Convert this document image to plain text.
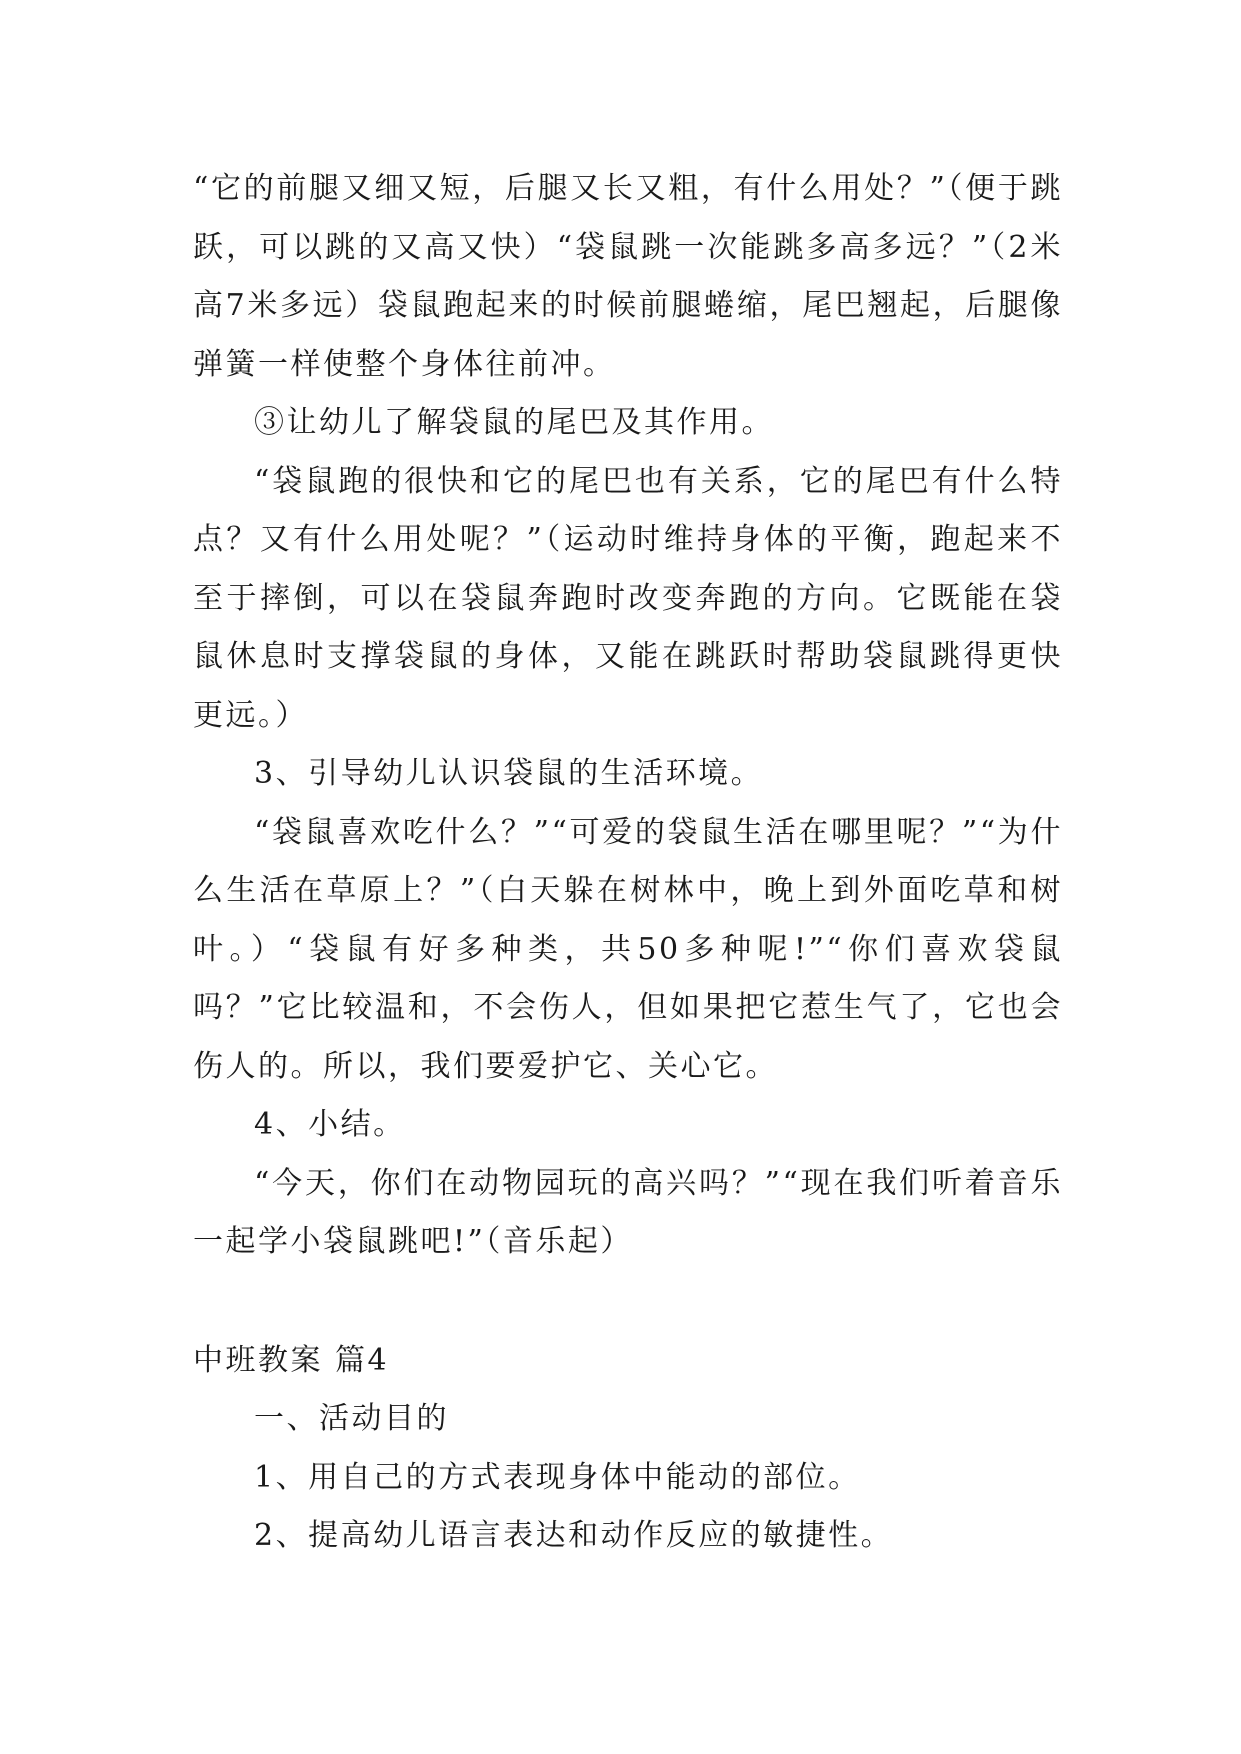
“它的前腿又细又短，后腿又长又粗，有什么用处？”（便于跳跃，可以跳的又高又快）“袋鼠跳一次能跳多高多远？”（2米高7米多远）袋鼠跑起来的时候前腿蜷缩，尾巴翘起，后腿像弹簧一样使整个身体往前冲。

③让幼儿了解袋鼠的尾巴及其作用。

“袋鼠跑的很快和它的尾巴也有关系，它的尾巴有什么特点？又有什么用处呢？”（运动时维持身体的平衡，跑起来不至于摔倒，可以在袋鼠奔跑时改变奔跑的方向。它既能在袋鼠休息时支撑袋鼠的身体，又能在跳跃时帮助袋鼠跳得更快更远。）

3、引导幼儿认识袋鼠的生活环境。

“袋鼠喜欢吃什么？”“可爱的袋鼠生活在哪里呢？”“为什么生活在草原上？”（白天躲在树林中，晚上到外面吃草和树叶。）“袋鼠有好多种类，共50多种呢!”“你们喜欢袋鼠吗？”它比较温和，不会伤人，但如果把它惹生气了，它也会伤人的。所以，我们要爱护它、关心它。

4、小结。

“今天，你们在动物园玩的高兴吗？”“现在我们听着音乐一起学小袋鼠跳吧!”（音乐起）

中班教案 篇4

一、活动目的

1、用自己的方式表现身体中能动的部位。

2、提高幼儿语言表达和动作反应的敏捷性。
